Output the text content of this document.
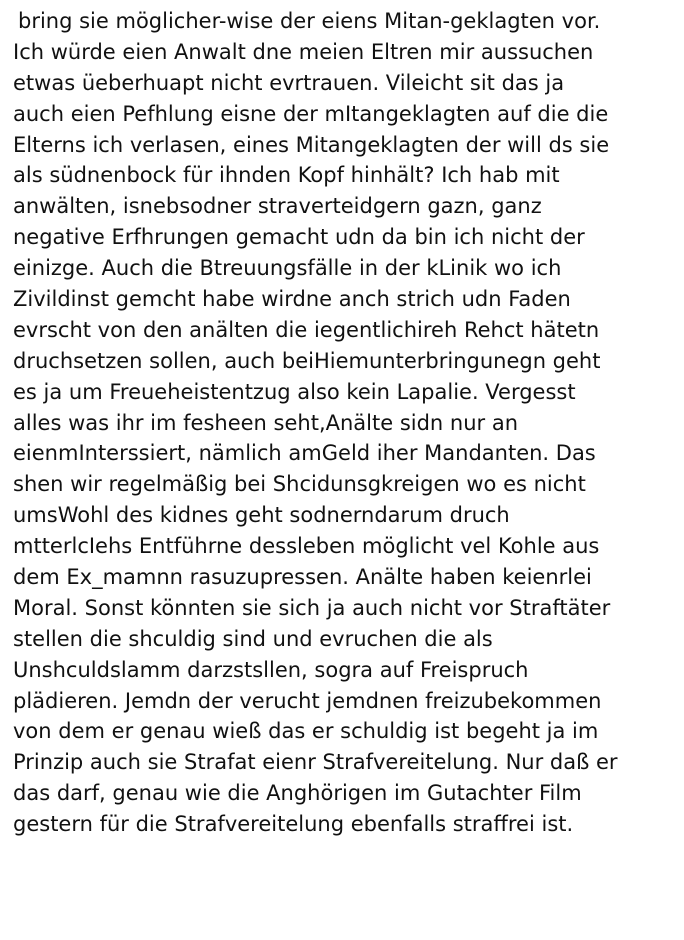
bring sie möglicher-wise der eiens Mitan-geklagten vor.
Ich würde eien Anwalt dne meien Eltren mir aussuchen
etwas üeberhuapt nicht evrtrauen. Vileicht sit das ja
auch eien Pefhlung eisne der mItangeklagten auf die die
Elterns ich verlasen, eines Mitangeklagten der will ds sie
als südnenbock für ihnden Kopf hinhält? Ich hab mit
anwälten, isnebsodner straverteidgern gazn, ganz
negative Erfhrungen gemacht udn da bin ich nicht der
einizge. Auch die Btreuungsfälle in der kLinik wo ich
Zivildinst gemcht habe wirdne anch strich udn Faden
evrscht von den anälten die iegentlichireh Rehct hätetn
druchsetzen sollen, auch beiHiemunterbringunegn geht
es ja um Freueheistentzug also kein Lapalie. Vergesst
alles was ihr im fesheen seht,Anälte sidn nur an
eienmInterssiert, nämlich amGeld iher Mandanten. Das
shen wir regelmäßig bei Shcidunsgkreigen wo es nicht
umsWohl des kidnes geht sodnerndarum druch
mtterlcIehs Entführne dessleben möglicht vel Kohle aus
dem Ex_mamnn rasuzupressen. Anälte haben keienrlei
Moral. Sonst könnten sie sich ja auch nicht vor Straftäter
stellen die shculdig sind und evruchen die als
Unshculdslamm darzstsllen, sogra auf Freispruch
plädieren. Jemdn der verucht jemdnen freizubekommen
von dem er genau wieß das er schuldig ist begeht ja im
Prinzip auch sie Strafat eienr Strafvereitelung. Nur daß er
das darf, genau wie die Anghörigen im Gutachter Film
gestern für die Strafvereitelung ebenfalls straffrei ist.
